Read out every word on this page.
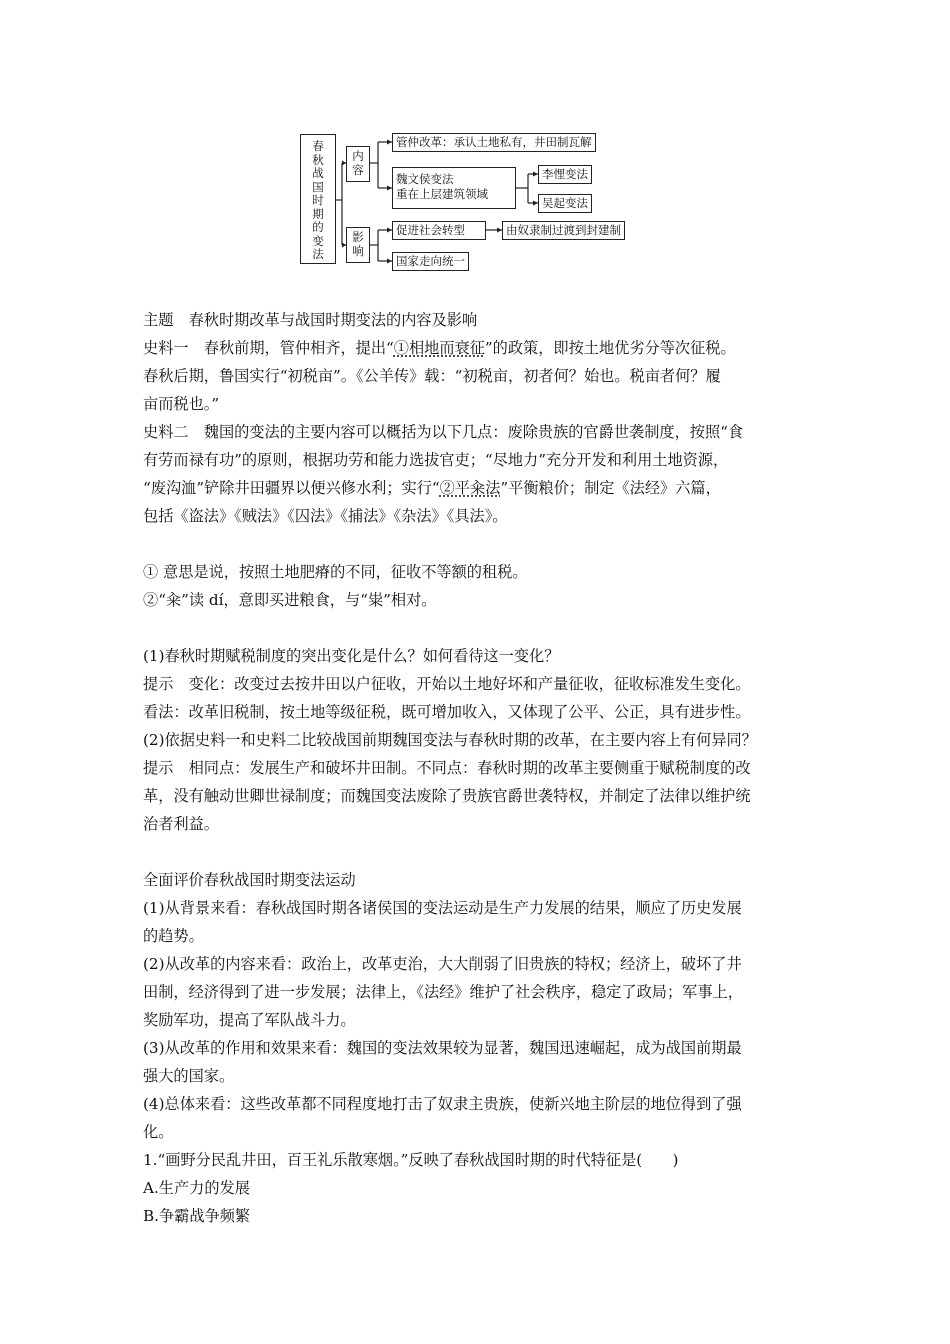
春秋战国时期的变法
内容
影响
管仲改革：承认土地私有，井田制瓦解
魏文侯变法
重在上层建筑领域
李悝变法
吴起变法
促进社会转型	由奴隶制过渡到封建制
国家走向统一

主题　春秋时期改革与战国时期变法的内容及影响

史料一　春秋前期，管仲相齐，提出“①相地而衰征”的政策，即按土地优劣分等次征税。

春秋后期，鲁国实行“初税亩”。《公羊传》载：“初税亩，初者何？始也。税亩者何？履

亩而税也。”

史料二　魏国的变法的主要内容可以概括为以下几点：废除贵族的官爵世袭制度，按照“食

有劳而禄有功”的原则，根据功劳和能力选拔官吏；“尽地力”充分开发和利用土地资源，

“废沟洫”铲除井田疆界以便兴修水利；实行“②平籴法”平衡粮价；制定《法经》六篇，

包括《盗法》《贼法》《囚法》《捕法》《杂法》《具法》。

① 意思是说，按照土地肥瘠的不同，征收不等额的租税。

②“籴”读 dí，意即买进粮食，与“粜”相对。

(1)春秋时期赋税制度的突出变化是什么？如何看待这一变化？

提示　变化：改变过去按井田以户征收，开始以土地好坏和产量征收，征收标准发生变化。

看法：改革旧税制，按土地等级征税，既可增加收入，又体现了公平、公正，具有进步性。

(2)依据史料一和史料二比较战国前期魏国变法与春秋时期的改革，在主要内容上有何异同？

提示　相同点：发展生产和破坏井田制。不同点：春秋时期的改革主要侧重于赋税制度的改

革，没有触动世卿世禄制度；而魏国变法废除了贵族官爵世袭特权，并制定了法律以维护统

治者利益。

全面评价春秋战国时期变法运动

(1)从背景来看：春秋战国时期各诸侯国的变法运动是生产力发展的结果，顺应了历史发展

的趋势。

(2)从改革的内容来看：政治上，改革吏治，大大削弱了旧贵族的特权；经济上，破坏了井

田制，经济得到了进一步发展；法律上，《法经》维护了社会秩序，稳定了政局；军事上，

奖励军功，提高了军队战斗力。

(3)从改革的作用和效果来看：魏国的变法效果较为显著，魏国迅速崛起，成为战国前期最

强大的国家。

(4)总体来看：这些改革都不同程度地打击了奴隶主贵族，使新兴地主阶层的地位得到了强

化。

1.“画野分民乱井田，百王礼乐散寒烟。”反映了春秋战国时期的时代特征是(　　)

A.生产力的发展

B.争霸战争频繁
